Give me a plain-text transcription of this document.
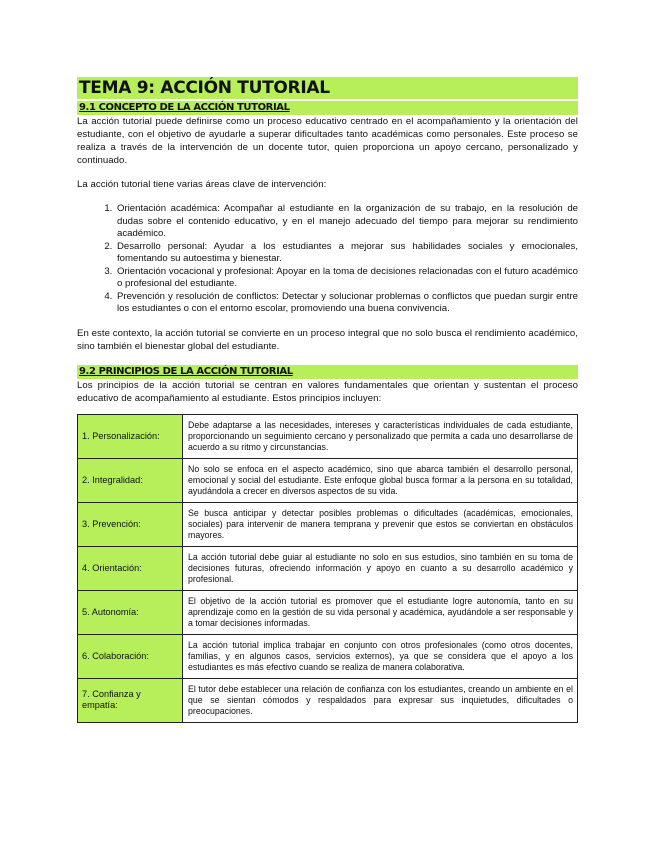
TEMA 9: ACCIÓN TUTORIAL
9.1 CONCEPTO DE LA ACCIÓN TUTORIAL

La acción tutorial puede definirse como un proceso educativo centrado en el acompañamiento y la orientación del estudiante, con el objetivo de ayudarle a superar dificultades tanto académicas como personales. Este proceso se realiza a través de la intervención de un docente tutor, quien proporciona un apoyo cercano, personalizado y continuado.

La acción tutorial tiene varias áreas clave de intervención:

1. Orientación académica: Acompañar al estudiante en la organización de su trabajo, en la resolución de dudas sobre el contenido educativo, y en el manejo adecuado del tiempo para mejorar su rendimiento académico.
2. Desarrollo personal: Ayudar a los estudiantes a mejorar sus habilidades sociales y emocionales, fomentando su autoestima y bienestar.
3. Orientación vocacional y profesional: Apoyar en la toma de decisiones relacionadas con el futuro académico o profesional del estudiante.
4. Prevención y resolución de conflictos: Detectar y solucionar problemas o conflictos que puedan surgir entre los estudiantes o con el entorno escolar, promoviendo una buena convivencia.

En este contexto, la acción tutorial se convierte en un proceso integral que no solo busca el rendimiento académico, sino también el bienestar global del estudiante.

9.2 PRINCIPIOS DE LA ACCIÓN TUTORIAL

Los principios de la acción tutorial se centran en valores fundamentales que orientan y sustentan el proceso educativo de acompañamiento al estudiante. Estos principios incluyen:

1. Personalización:	Debe adaptarse a las necesidades, intereses y características individuales de cada estudiante, proporcionando un seguimiento cercano y personalizado que permita a cada uno desarrollarse de acuerdo a su ritmo y circunstancias.
2. Integralidad:	No solo se enfoca en el aspecto académico, sino que abarca también el desarrollo personal, emocional y social del estudiante. Este enfoque global busca formar a la persona en su totalidad, ayudándola a crecer en diversos aspectos de su vida.
3. Prevención:	Se busca anticipar y detectar posibles problemas o dificultades (académicas, emocionales, sociales) para intervenir de manera temprana y prevenir que estos se conviertan en obstáculos mayores.
4. Orientación:	La acción tutorial debe guiar al estudiante no solo en sus estudios, sino también en su toma de decisiones futuras, ofreciendo información y apoyo en cuanto a su desarrollo académico y profesional.
5. Autonomía:	El objetivo de la acción tutorial es promover que el estudiante logre autonomía, tanto en su aprendizaje como en la gestión de su vida personal y académica, ayudándole a ser responsable y a tomar decisiones informadas.
6. Colaboración:	La acción tutorial implica trabajar en conjunto con otros profesionales (como otros docentes, familias, y en algunos casos, servicios externos), ya que se considera que el apoyo a los estudiantes es más efectivo cuando se realiza de manera colaborativa.
7. Confianza y empatía:	El tutor debe establecer una relación de confianza con los estudiantes, creando un ambiente en el que se sientan cómodos y respaldados para expresar sus inquietudes, dificultades o preocupaciones.
